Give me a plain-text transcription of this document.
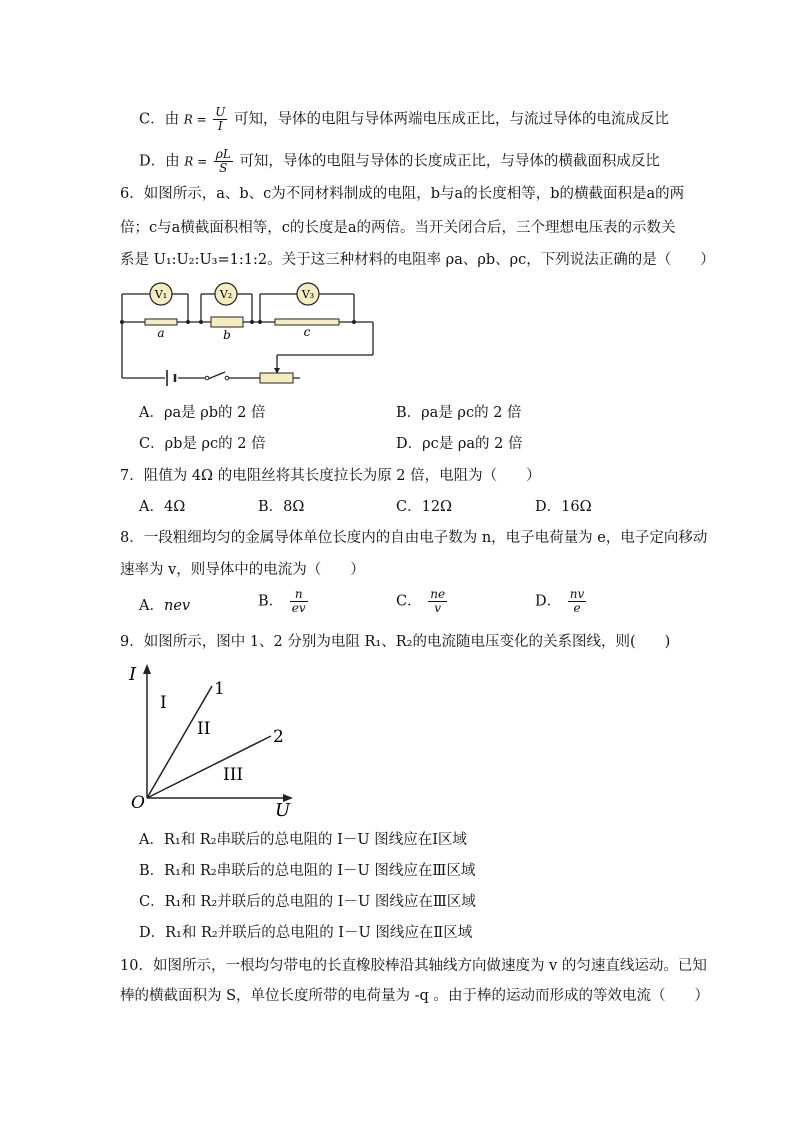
C．由 $R = \frac{U}{I}$ 可知，导体的电阻与导体两端电压成正比，与流过导体的电流成反比
D．由 $R = \frac{\rho L}{S}$ 可知，导体的电阻与导体的长度成正比，与导体的横截面积成反比
6．如图所示，a、b、c为不同材料制成的电阻，b与a的长度相等，b的横截面积是a的两
倍；c与a横截面积相等，c的长度是a的两倍。当开关闭合后，三个理想电压表的示数关
系是 U₁:U₂:U₃=1:1:2。关于这三种材料的电阻率 ρa、ρb、ρc，下列说法正确的是（　　）
V₁	V₂	V₃
a	b	c
A．ρa是 ρb的 2 倍	B．ρa是 ρc的 2 倍
C．ρb是 ρc的 2 倍	D．ρc是 ρa的 2 倍
7．阻值为 4Ω 的电阻丝将其长度拉长为原 2 倍，电阻为（　　）
A．4Ω	B．8Ω	C．12Ω	D．16Ω
8．一段粗细均匀的金属导体单位长度内的自由电子数为 n，电子电荷量为 e，电子定向移动
速率为 v，则导体中的电流为（　　）
A．nev	B． $\frac{n}{ev}$	C． $\frac{ne}{v}$	D． $\frac{nv}{e}$
9．如图所示，图中 1、2 分别为电阻 R₁、R₂的电流随电压变化的关系图线，则(　　)
I
U
O
1
2
I
II
III
A．R₁和 R₂串联后的总电阻的 I－U 图线应在Ⅰ区域
B．R₁和 R₂串联后的总电阻的 I－U 图线应在Ⅲ区域
C．R₁和 R₂并联后的总电阻的 I－U 图线应在Ⅲ区域
D．R₁和 R₂并联后的总电阻的 I－U 图线应在Ⅱ区域
10．如图所示，一根均匀带电的长直橡胶棒沿其轴线方向做速度为 v 的匀速直线运动。已知
棒的横截面积为 S，单位长度所带的电荷量为 -q 。由于棒的运动而形成的等效电流（　　）
